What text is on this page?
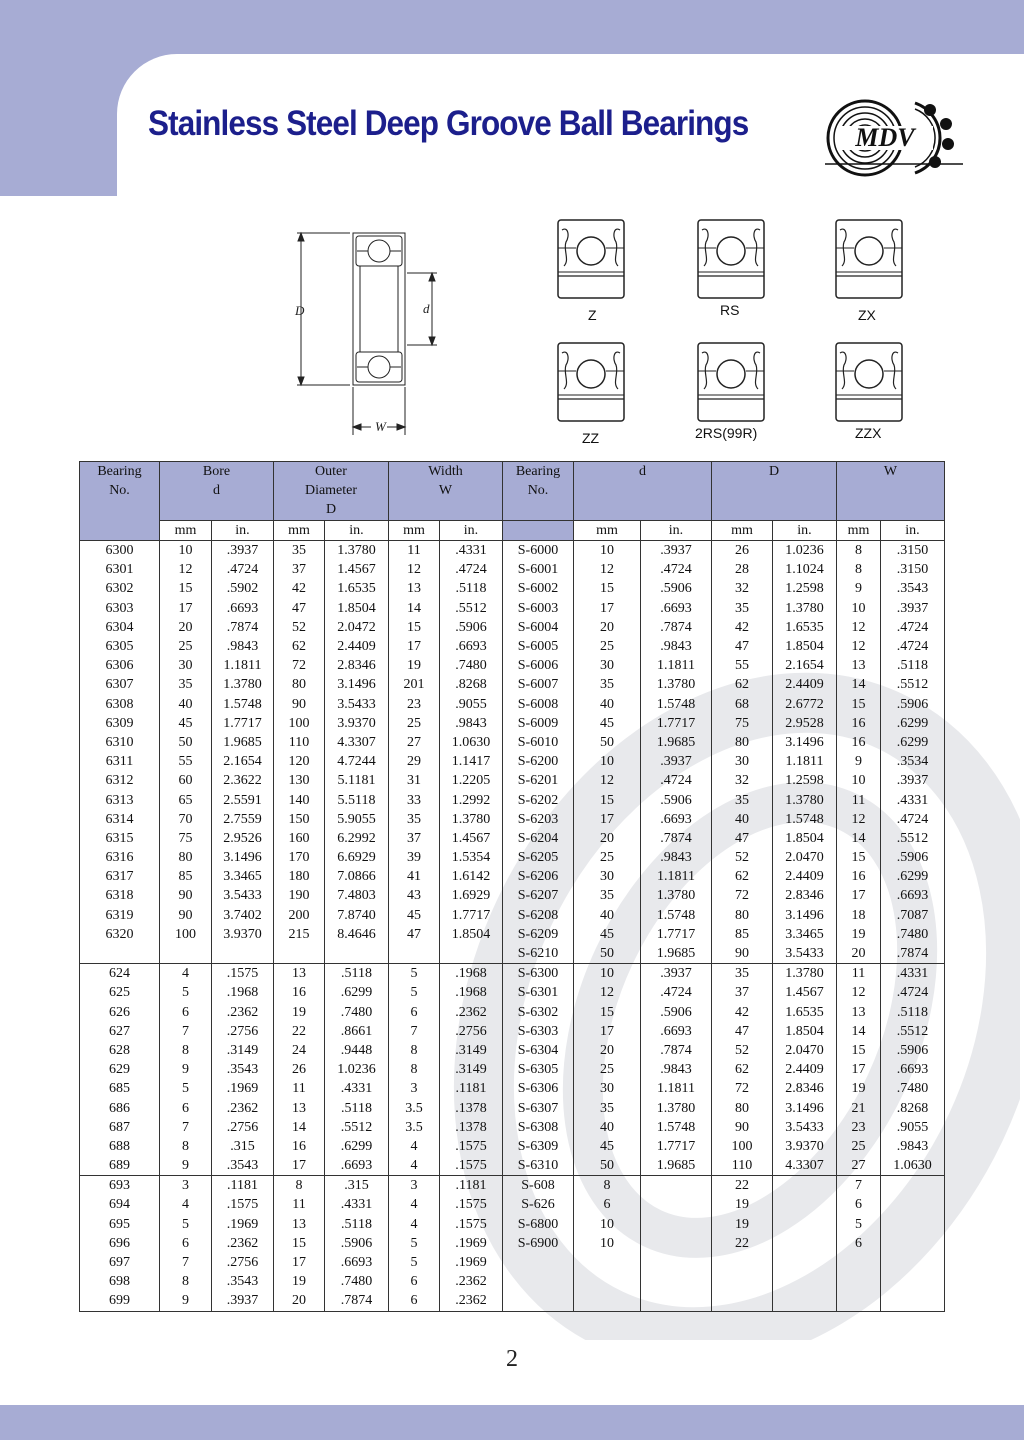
Stainless Steel Deep Groove Ball Bearings	MDV
D	d
W
Z	RS	ZX
ZZ	2RS(99R)	ZZX
Bearing No.	Bore d		Outer Diameter D		Width W		Bearing No.	d		D		W	
	mm	in.	mm	in.	mm	in.		mm	in.	mm	in.	mm	in.
6300	10	.3937	35	1.3780	11	.4331	S-6000	10	.3937	26	1.0236	8	.3150
6301	12	.4724	37	1.4567	12	.4724	S-6001	12	.4724	28	1.1024	8	.3150
6302	15	.5902	42	1.6535	13	.5118	S-6002	15	.5906	32	1.2598	9	.3543
6303	17	.6693	47	1.8504	14	.5512	S-6003	17	.6693	35	1.3780	10	.3937
6304	20	.7874	52	2.0472	15	.5906	S-6004	20	.7874	42	1.6535	12	.4724
6305	25	.9843	62	2.4409	17	.6693	S-6005	25	.9843	47	1.8504	12	.4724
6306	30	1.1811	72	2.8346	19	.7480	S-6006	30	1.1811	55	2.1654	13	.5118
6307	35	1.3780	80	3.1496	201	.8268	S-6007	35	1.3780	62	2.4409	14	.5512
6308	40	1.5748	90	3.5433	23	.9055	S-6008	40	1.5748	68	2.6772	15	.5906
6309	45	1.7717	100	3.9370	25	.9843	S-6009	45	1.7717	75	2.9528	16	.6299
6310	50	1.9685	110	4.3307	27	1.0630	S-6010	50	1.9685	80	3.1496	16	.6299
6311	55	2.1654	120	4.7244	29	1.1417	S-6200	10	.3937	30	1.1811	9	.3534
6312	60	2.3622	130	5.1181	31	1.2205	S-6201	12	.4724	32	1.2598	10	.3937
6313	65	2.5591	140	5.5118	33	1.2992	S-6202	15	.5906	35	1.3780	11	.4331
6314	70	2.7559	150	5.9055	35	1.3780	S-6203	17	.6693	40	1.5748	12	.4724
6315	75	2.9526	160	6.2992	37	1.4567	S-6204	20	.7874	47	1.8504	14	.5512
6316	80	3.1496	170	6.6929	39	1.5354	S-6205	25	.9843	52	2.0470	15	.5906
6317	85	3.3465	180	7.0866	41	1.6142	S-6206	30	1.1811	62	2.4409	16	.6299
6318	90	3.5433	190	7.4803	43	1.6929	S-6207	35	1.3780	72	2.8346	17	.6693
6319	90	3.7402	200	7.8740	45	1.7717	S-6208	40	1.5748	80	3.1496	18	.7087
6320	100	3.9370	215	8.4646	47	1.8504	S-6209	45	1.7717	85	3.3465	19	.7480
							S-6210	50	1.9685	90	3.5433	20	.7874
624	4	.1575	13	.5118	5	.1968	S-6300	10	.3937	35	1.3780	11	.4331
625	5	.1968	16	.6299	5	.1968	S-6301	12	.4724	37	1.4567	12	.4724
626	6	.2362	19	.7480	6	.2362	S-6302	15	.5906	42	1.6535	13	.5118
627	7	.2756	22	.8661	7	.2756	S-6303	17	.6693	47	1.8504	14	.5512
628	8	.3149	24	.9448	8	.3149	S-6304	20	.7874	52	2.0470	15	.5906
629	9	.3543	26	1.0236	8	.3149	S-6305	25	.9843	62	2.4409	17	.6693
685	5	.1969	11	.4331	3	.1181	S-6306	30	1.1811	72	2.8346	19	.7480
686	6	.2362	13	.5118	3.5	.1378	S-6307	35	1.3780	80	3.1496	21	.8268
687	7	.2756	14	.5512	3.5	.1378	S-6308	40	1.5748	90	3.5433	23	.9055
688	8	.315	16	.6299	4	.1575	S-6309	45	1.7717	100	3.9370	25	.9843
689	9	.3543	17	.6693	4	.1575	S-6310	50	1.9685	110	4.3307	27	1.0630
693	3	.1181	8	.315	3	.1181	S-608	8		22		7	
694	4	.1575	11	.4331	4	.1575	S-626	6		19		6	
695	5	.1969	13	.5118	4	.1575	S-6800	10		19		5	
696	6	.2362	15	.5906	5	.1969	S-6900	10		22		6	
697	7	.2756	17	.6693	5	.1969							
698	8	.3543	19	.7480	6	.2362							
699	9	.3937	20	.7874	6	.2362							
2
